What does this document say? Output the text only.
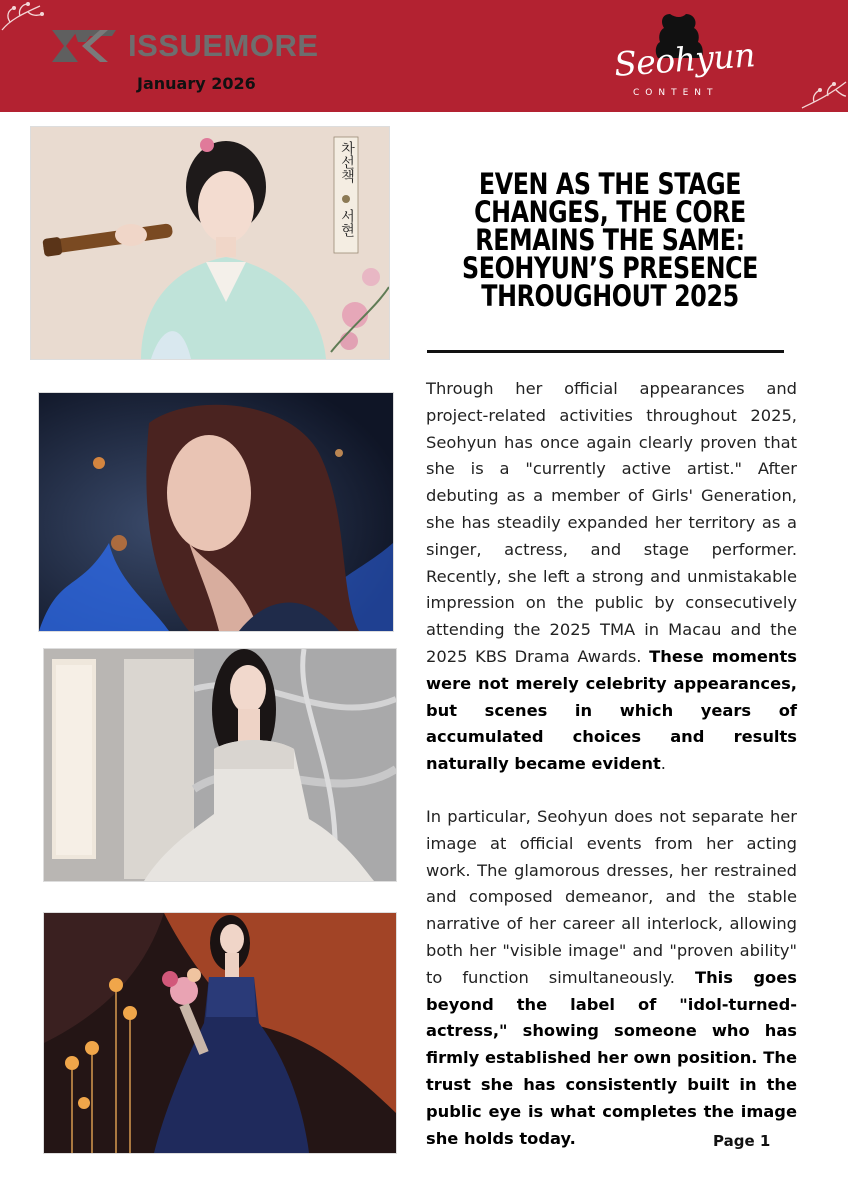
ISSUEMORE
January 2026	Seohyun
CONTENT
차선책
서현
EVEN AS THE STAGE CHANGES, THE CORE REMAINS THE SAME: SEOHYUN’S PRESENCE THROUGHOUT 2025

Through her official appearances and project-related activities throughout 2025, Seohyun has once again clearly proven that she is a "currently active artist." After debuting as a member of Girls' Generation, she has steadily expanded her territory as a singer, actress, and stage performer. Recently, she left a strong and unmistakable impression on the public by consecutively attending the 2025 TMA in Macau and the 2025 KBS Drama Awards. These moments were not merely celebrity appearances, but scenes in which years of accumulated choices and results naturally became evident.

In particular, Seohyun does not separate her image at official events from her acting work. The glamorous dresses, her restrained and composed demeanor, and the stable narrative of her career all interlock, allowing both her "visible image" and "proven ability" to function simultaneously. This goes beyond the label of "idol-turned-actress," showing someone who has firmly established her own position. The trust she has consistently built in the public eye is what completes the image she holds today.	Page 1
